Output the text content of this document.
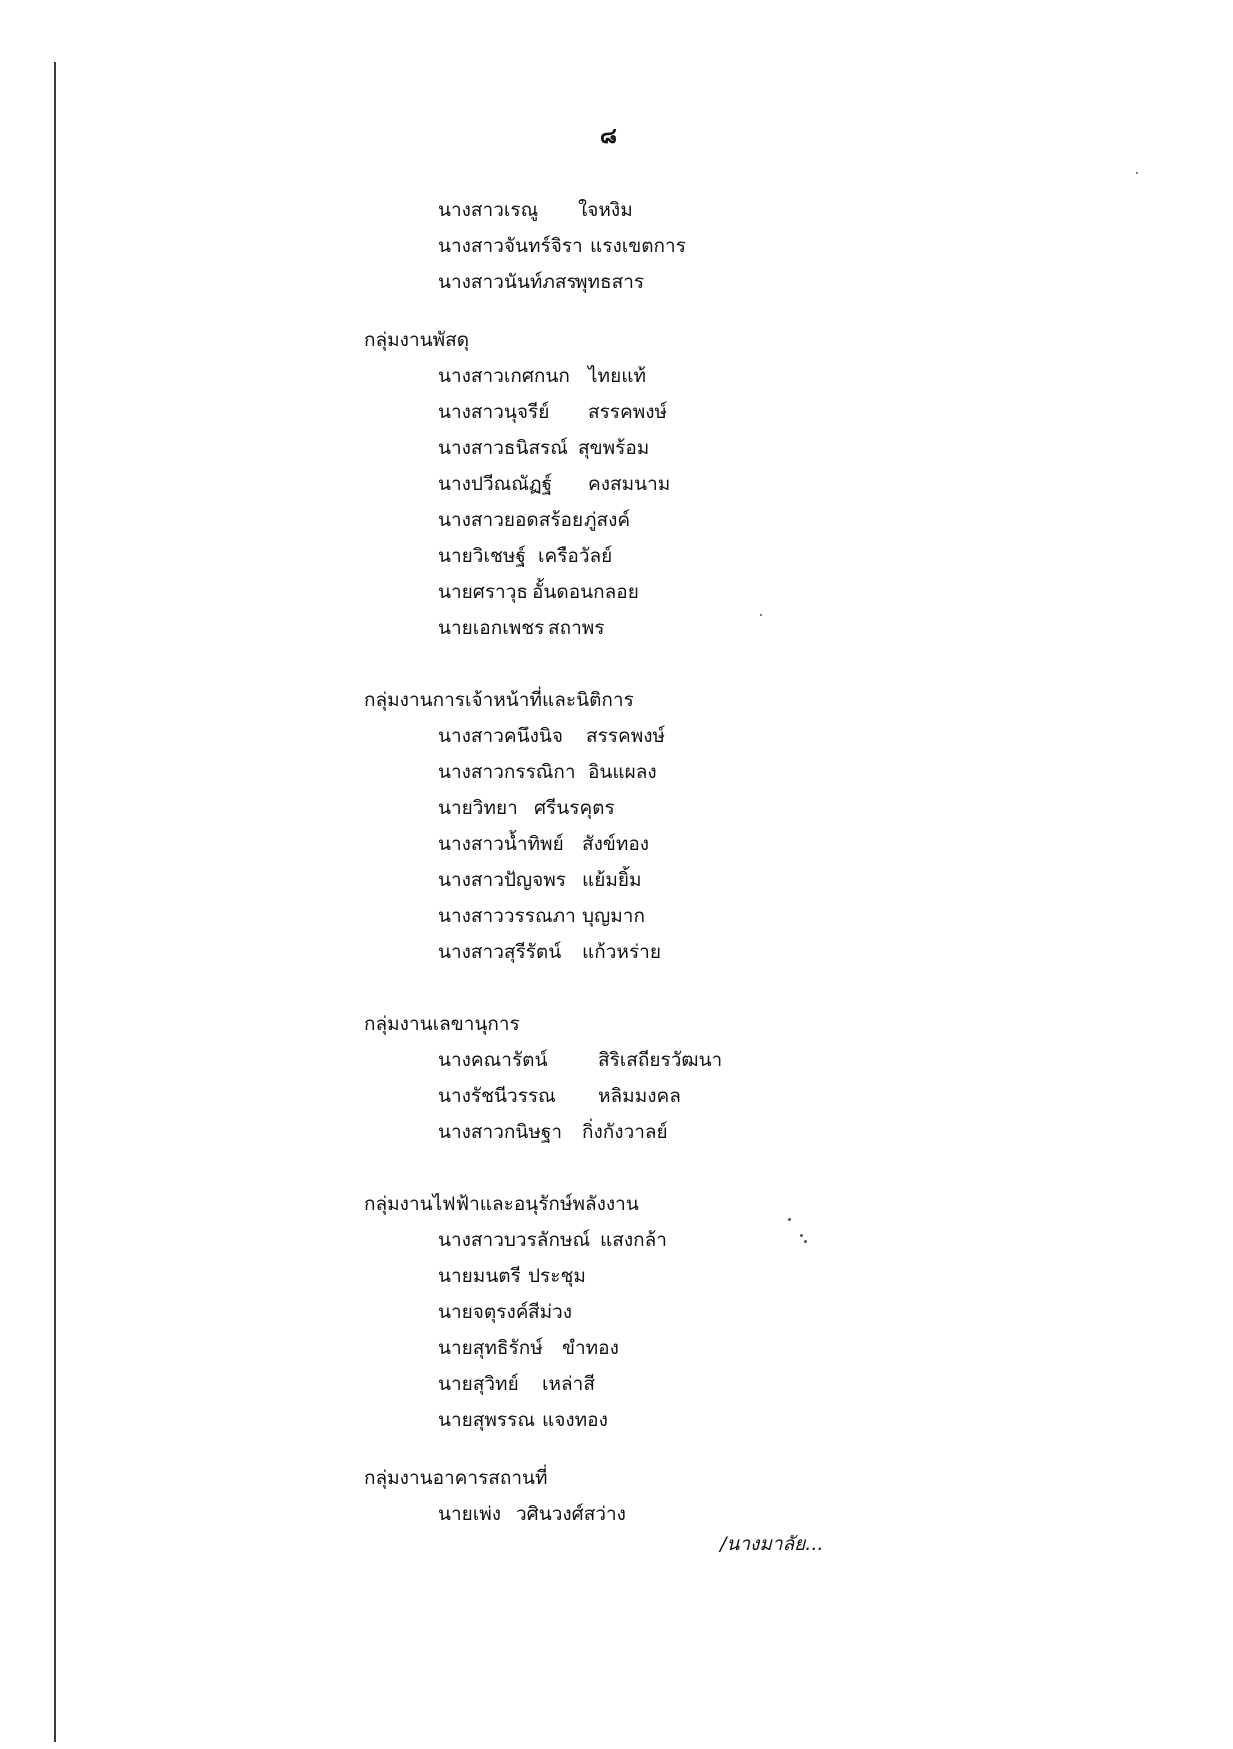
๘
นางสาวเรณู ใจหงิม
นางสาวจันทร์จิรา แรงเขตการ
นางสาวนันท์ภสรพุทธสาร
กลุ่มงานพัสดุ
นางสาวเกศกนก ไทยแท้
นางสาวนุจรีย์ สรรคพงษ์
นางสาวธนิสรณ์ สุขพร้อม
นางปวีณณัฏฐ์ คงสมนาม
นางสาวยอดสร้อยภู่สงค์
นายวิเชษฐ์ เครือวัลย์
นายศราวุธ อั้นดอนกลอย
นายเอกเพชร สถาพร
กลุ่มงานการเจ้าหน้าที่และนิติการ
นางสาวคนึงนิจ สรรคพงษ์
นางสาวกรรณิกา อินแผลง
นายวิทยา ศรีนรคุตร
นางสาวน้ำทิพย์ สังข์ทอง
นางสาวปัญจพร แย้มยิ้ม
นางสาววรรณภา บุญมาก
นางสาวสุรีรัตน์ แก้วหร่าย
กลุ่มงานเลขานุการ
นางคณารัตน์	สิริเสถียรวัฒนา
นางรัชนีวรรณ หลิมมงคล
นางสาวกนิษฐา กิ่งกังวาลย์
กลุ่มงานไฟฟ้าและอนุรักษ์พลังงาน
นางสาวบวรลักษณ์ แสงกล้า
นายมนตรี ประชุม
นายจตุรงค์สีม่วง
นายสุทธิรักษ์ ขำทอง
นายสุวิทย์ เหล่าสี
นายสุพรรณ แจงทอง
กลุ่มงานอาคารสถานที่
นายเพ่ง วศินวงศ์สว่าง
/นางมาลัย...
